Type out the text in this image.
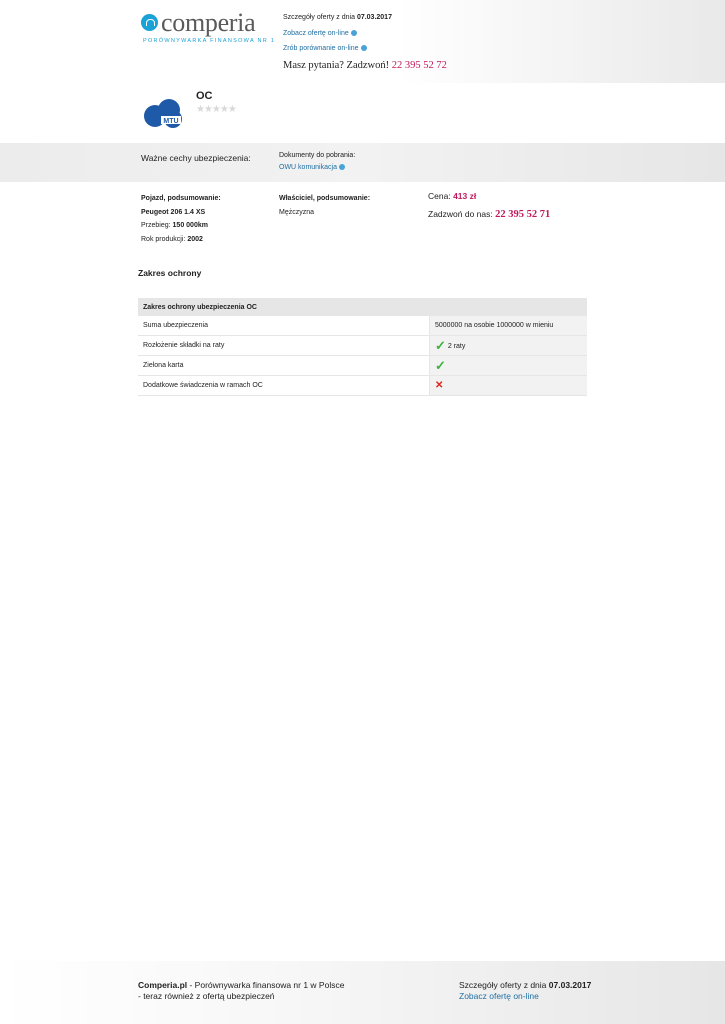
comperia
PORÓWNYWARKA FINANSOWA NR 1
Szczegóły oferty z dnia 07.03.2017
Zobacz ofertę on-line
Zrób porównanie on-line
Masz pytania? Zadzwoń! 22 395 52 72
MTU
OC
★★★★★
Ważne cechy ubezpieczenia:	Dokumenty do pobrania:
OWU komunikacja
Pojazd, podsumowanie:
Peugeot 206 1.4 XS
Przebieg: 150 000km
Rok produkcji: 2002
Właściciel, podsumowanie:
Mężczyzna
Cena: 413 zł
Zadzwoń do nas: 22 395 52 71
Zakres ochrony
Zakres ochrony ubezpieczenia OC	
Suma ubezpieczenia	5000000 na osobie 1000000 w mieniu
Rozłożenie składki na raty	✓ 2 raty
Zielona karta	✓
Dodatkowe świadczenia w ramach OC	✕
Comperia.pl - Porównywarka finansowa nr 1 w Polsce
- teraz również z ofertą ubezpieczeń
Szczegóły oferty z dnia 07.03.2017
Zobacz ofertę on-line
